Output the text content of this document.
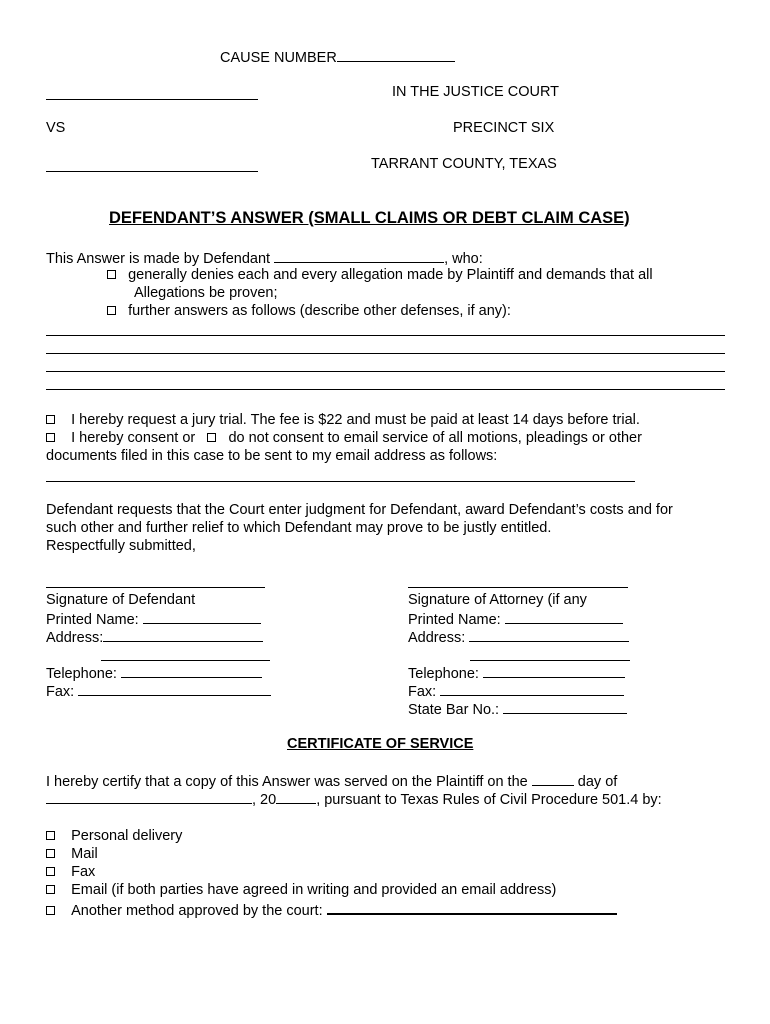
CAUSE NUMBER
IN THE JUSTICE COURT
VS	PRECINCT SIX
TARRANT COUNTY, TEXAS
DEFENDANT’S ANSWER (SMALL CLAIMS OR DEBT CLAIM CASE)
This Answer is made by Defendant	, who:
generally denies each and every allegation made by Plaintiff and demands that all
Allegations be proven;
further answers as follows (describe other defenses, if any):
I hereby request a jury trial. The fee is $22 and must be paid at least 14 days before trial.
I hereby consent or do not consent to email service of all motions, pleadings or other
documents filed in this case to be sent to my email address as follows:
Defendant requests that the Court enter judgment for Defendant, award Defendant’s costs and for
such other and further relief to which Defendant may prove to be justly entitled.
Respectfully submitted,
Signature of Defendant
Printed Name:
Address:
Telephone:
Fax:
Signature of Attorney (if any
Printed Name:
Address:
Telephone:
Fax:
State Bar No.:
CERTIFICATE OF SERVICE
I hereby certify that a copy of this Answer was served on the Plaintiff on the	day of
, 20	, pursuant to Texas Rules of Civil Procedure 501.4 by:
Personal delivery
Mail
Fax
Email (if both parties have agreed in writing and provided an email address)
Another method approved by the court:
